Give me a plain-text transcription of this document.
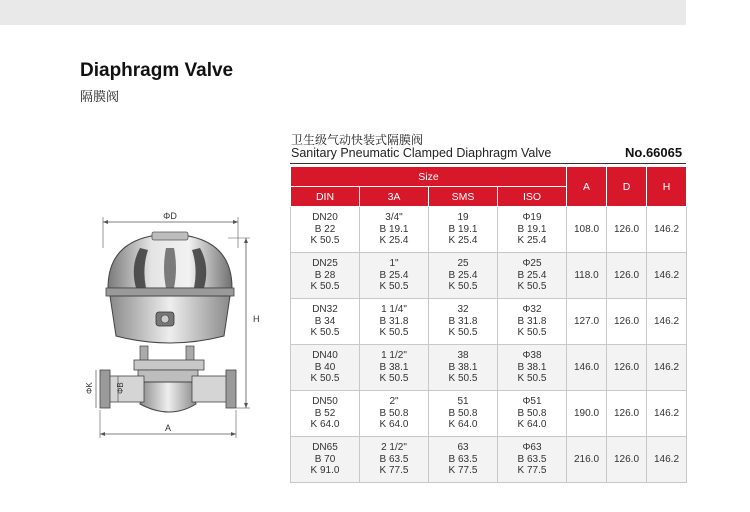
Diaphragm Valve
隔膜阀
ΦD
H
ΦK	ΦB
A
卫生级气动快装式隔膜阀
Sanitary Pneumatic Clamped Diaphragm Valve	No.66065
Size				A	D	H
DIN	3A	SMS	ISO			

DN20
B 22
K 50.5	3/4"
B 19.1
K 25.4	19
B 19.1
K 25.4	Φ19
B 19.1
K 25.4	108.0	126.0	146.2

DN25
B 28
K 50.5	1"
B 25.4
K 50.5	25
B 25.4
K 50.5	Φ25
B 25.4
K 50.5	118.0	126.0	146.2

DN32
B 34
K 50.5	1 1/4"
B 31.8
K 50.5	32
B 31.8
K 50.5	Φ32
B 31.8
K 50.5	127.0	126.0	146.2

DN40
B 40
K 50.5	1 1/2"
B 38.1
K 50.5	38
B 38.1
K 50.5	Φ38
B 38.1
K 50.5	146.0	126.0	146.2

DN50
B 52
K 64.0	2"
B 50.8
K 64.0	51
B 50.8
K 64.0	Φ51
B 50.8
K 64.0	190.0	126.0	146.2

DN65
B 70
K 91.0	2 1/2"
B 63.5
K 77.5	63
B 63.5
K 77.5	Φ63
B 63.5
K 77.5	216.0	126.0	146.2
